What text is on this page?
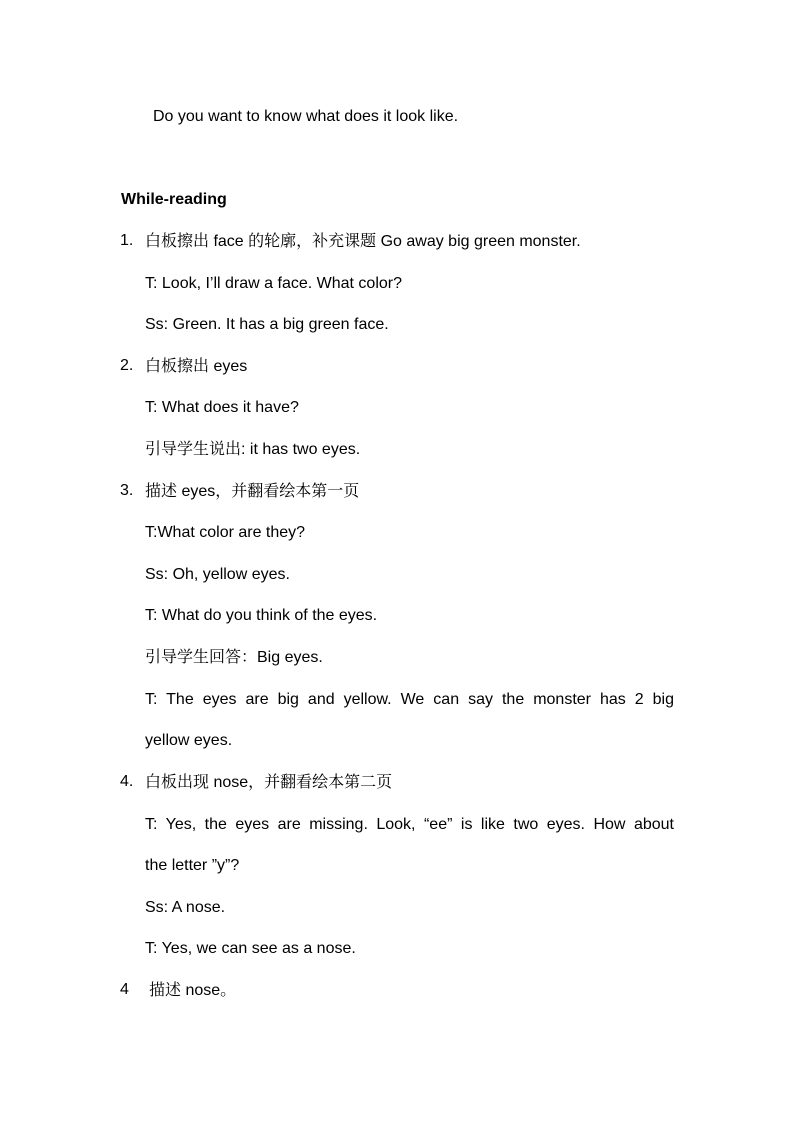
Do you want to know what does it look like.
While-reading
1. 白板擦出 face 的轮廓，补充课题 Go away big green monster.
T: Look, I’ll draw a face. What color?
Ss: Green. It has a big green face.
2. 白板擦出 eyes
T: What does it have?
引导学生说出: it has two eyes.
3. 描述 eyes，并翻看绘本第一页
T:What color are they?
Ss: Oh, yellow eyes.
T: What do you think of the eyes.
引导学生回答：Big eyes.
T: The eyes are big and yellow. We can say the monster has 2 big
yellow eyes.
4. 白板出现 nose，并翻看绘本第二页
T: Yes, the eyes are missing. Look, “ee” is like two eyes. How about
the letter ”y”?
Ss: A nose.
T: Yes, we can see as a nose.
4 描述 nose。
